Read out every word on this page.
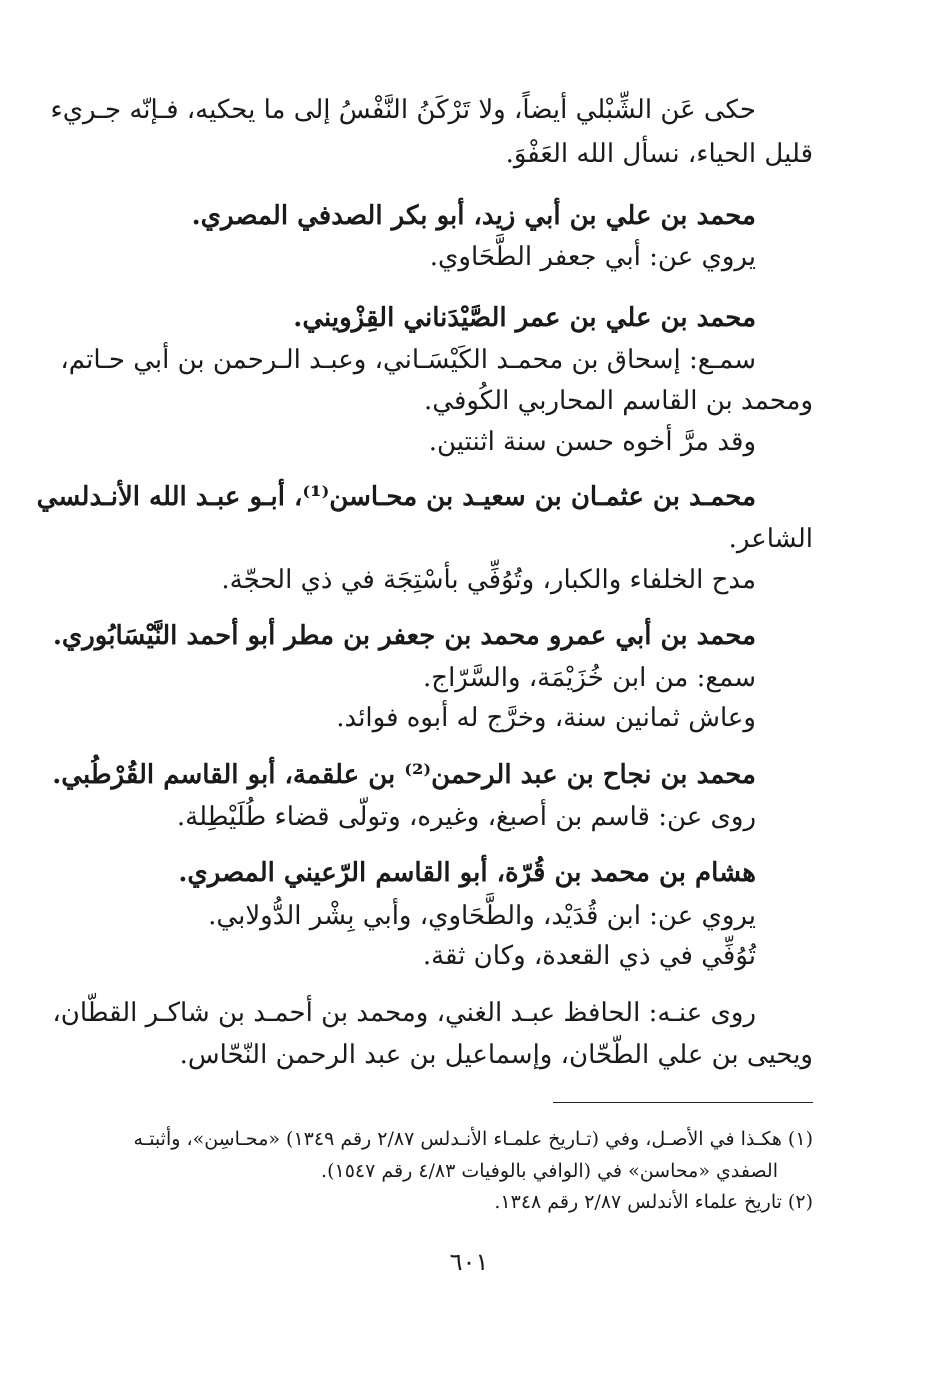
حكى عَن الشِّبْلي أيضاً، ولا تَرْكَنُ النَّفْسُ إلى ما يحكيه، فـإنّه جـريء
قليل الحياء، نسأل الله العَفْوَ.
محمد بن علي بن أبي زيد، أبو بكر الصدفي المصري.
يروي عن: أبي جعفر الطَّحَاوي.
محمد بن علي بن عمر الصَّيْدَناني القِزْويني.
سمـع: إسحاق بن محمـد الكَيْسَـاني، وعبـد الـرحمن بن أبي حـاتم،
ومحمد بن القاسم المحاربي الكُوفي.
وقد مرَّ أخوه حسن سنة اثنتين.
محمـد بن عثمـان بن سعيـد بن محـاسن⁽¹⁾، أبـو عبـد الله الأنـدلسي
الشاعر.
مدح الخلفاء والكبار، وتُوُفِّي بأسْتِجَة في ذي الحجّة.
محمد بن أبي عمرو محمد بن جعفر بن مطر أبو أحمد النَّيْسَابُوري.
سمع: من ابن خُزَيْمَة، والسَّرّاج.
وعاش ثمانين سنة، وخرَّج له أبوه فوائد.
محمد بن نجاح بن عبد الرحمن⁽²⁾ بن علقمة، أبو القاسم القُرْطُبي.
روى عن: قاسم بن أصبغ، وغيره، وتولّى قضاء طُلَيْطِلة.
هشام بن محمد بن قُرّة، أبو القاسم الرّعيني المصري.
يروي عن: ابن قُدَيْد، والطَّحَاوي، وأبي بِشْر الدُّولابي.
تُوُفِّي في ذي القعدة، وكان ثقة.
روى عنـه: الحافظ عبـد الغني، ومحمد بن أحمـد بن شاكـر القطّان،
ويحيى بن علي الطّحّان، وإسماعيل بن عبد الرحمن النّحّاس.
(١) هكـذا في الأصـل، وفي (تـاريخ علمـاء الأنـدلس ٢/٨٧ رقم ١٣٤٩) «محـاسِن»، وأثبتـه
الصفدي «محاسن» في (الوافي بالوفيات ٤/٨٣ رقم ١٥٤٧).
(٢) تاريخ علماء الأندلس ٢/٨٧ رقم ١٣٤٨.
٦٠١
